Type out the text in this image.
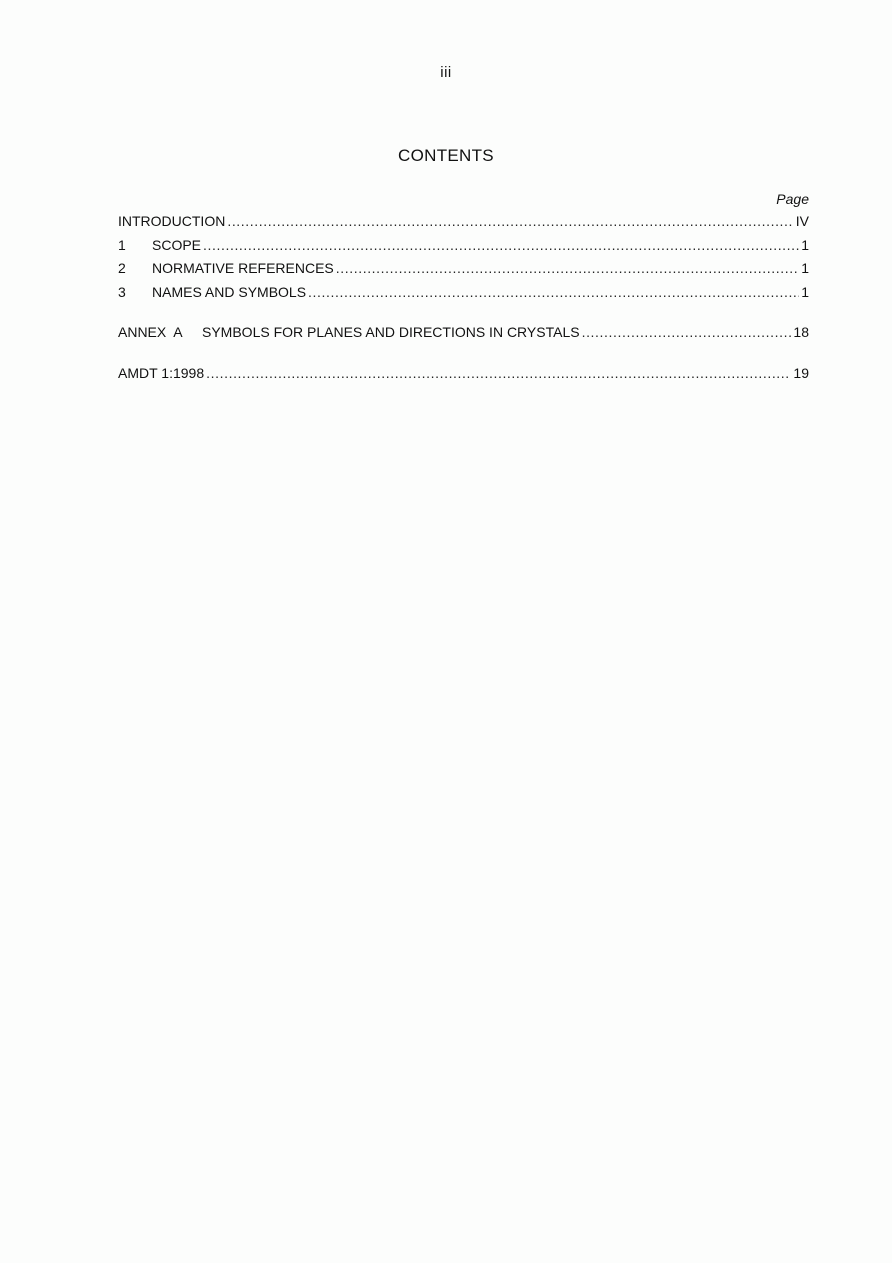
iii
CONTENTS
Page
INTRODUCTION .....	IV
1	SCOPE .....	1
2	NORMATIVE REFERENCES .....	1
3	NAMES AND SYMBOLS .....	1
ANNEX  A	SYMBOLS FOR PLANES AND DIRECTIONS IN CRYSTALS .....	18
AMDT 1:1998 .....	19
